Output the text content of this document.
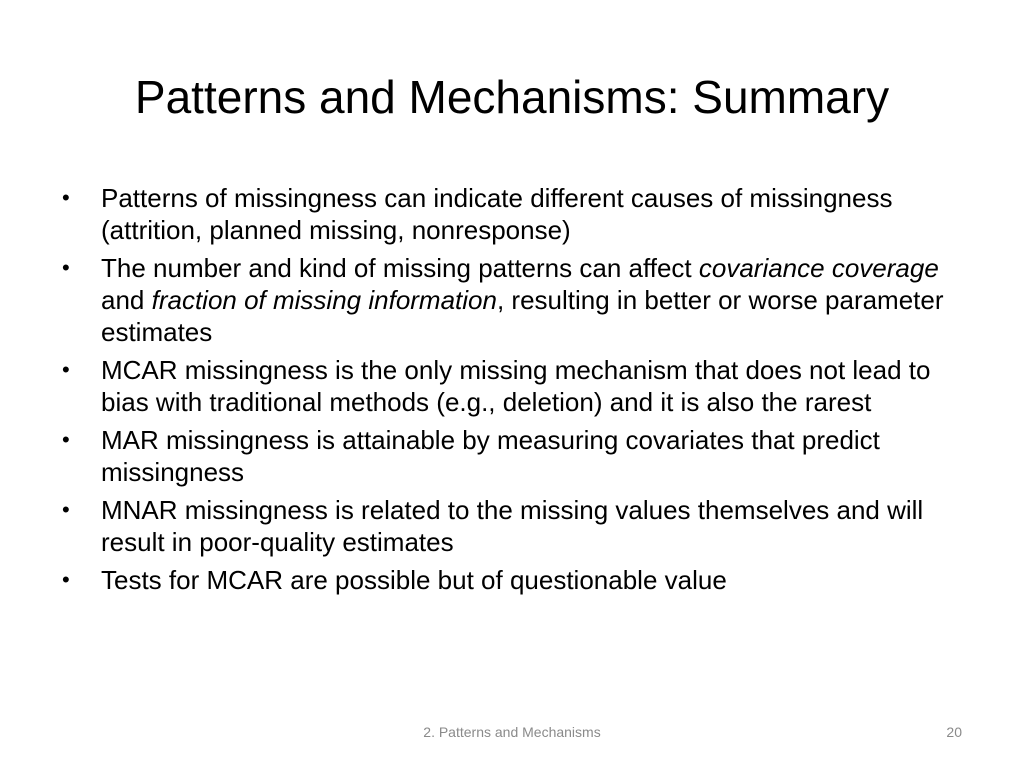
Patterns and Mechanisms: Summary
•	Patterns of missingness can indicate different causes of missingness (attrition, planned missing, nonresponse)
•	The number and kind of missing patterns can affect covariance coverage and fraction of missing information, resulting in better or worse parameter estimates
•	MCAR missingness is the only missing mechanism that does not lead to bias with traditional methods (e.g., deletion) and it is also the rarest
•	MAR missingness is attainable by measuring covariates that predict missingness
•	MNAR missingness is related to the missing values themselves and will result in poor-quality estimates
•	Tests for MCAR are possible but of questionable value
2. Patterns and Mechanisms	20
